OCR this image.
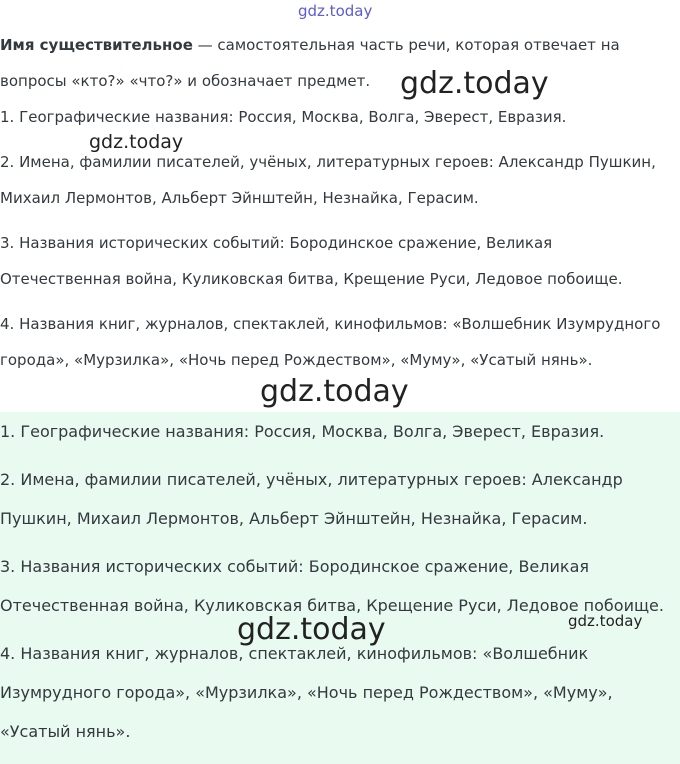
Имя существительное — самостоятельная часть речи, которая отвечает на вопросы «кто?» «что?» и обозначает предмет.

1. Географические названия: Россия, Москва, Волга, Эверест, Евразия.

2. Имена, фамилии писателей, учёных, литературных героев: Александр Пушкин, Михаил Лермонтов, Альберт Эйнштейн, Незнайка, Герасим.

3. Названия исторических событий: Бородинское сражение, Великая Отечественная война, Куликовская битва, Крещение Руси, Ледовое побоище.

4. Названия книг, журналов, спектаклей, кинофильмов: «Волшебник Изумрудного города», «Мурзилка», «Ночь перед Рождеством», «Муму», «Усатый нянь».

1. Географические названия: Россия, Москва, Волга, Эверест, Евразия.

2. Имена, фамилии писателей, учёных, литературных героев: Александр Пушкин, Михаил Лермонтов, Альберт Эйнштейн, Незнайка, Герасим.

3. Названия исторических событий: Бородинское сражение, Великая Отечественная война, Куликовская битва, Крещение Руси, Ледовое побоище.

4. Названия книг, журналов, спектаклей, кинофильмов: «Волшебник Изумрудного города», «Мурзилка», «Ночь перед Рождеством», «Муму», «Усатый нянь».

gdz.today
gdz.today
gdz.today
gdz.today
gdz.today	gdz.today
